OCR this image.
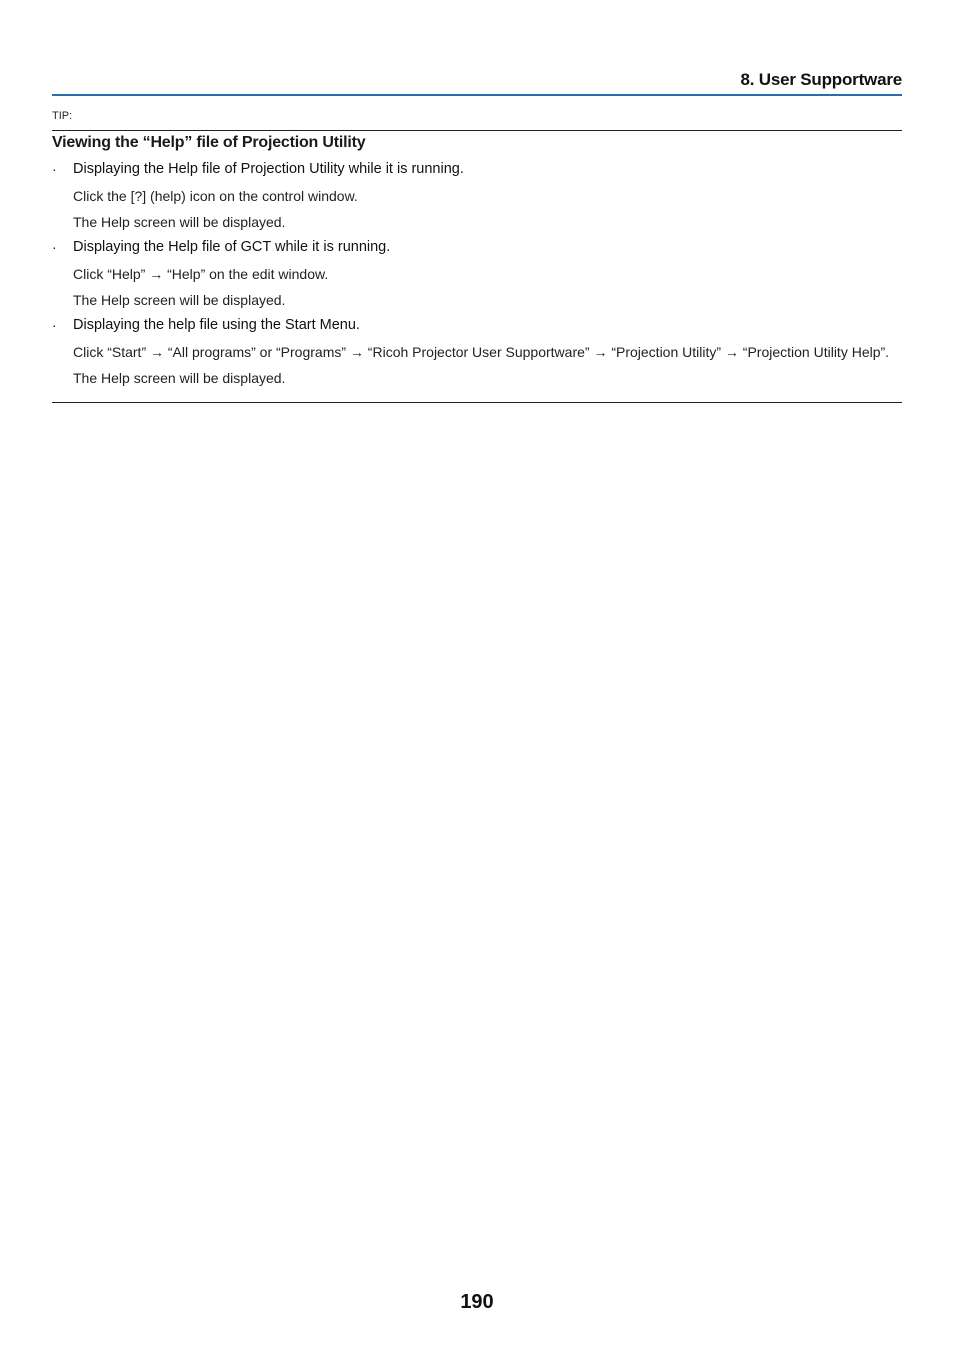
8. User Supportware
TIP:
Viewing the “Help” file of Projection Utility
· Displaying the Help file of Projection Utility while it is running.
Click the [?] (help) icon on the control window.
The Help screen will be displayed.
· Displaying the Help file of GCT while it is running.
Click “Help” → “Help” on the edit window.
The Help screen will be displayed.
· Displaying the help file using the Start Menu.
Click “Start” → “All programs” or “Programs” → “Ricoh Projector User Supportware” → “Projection Utility” → “Projection Utility Help”.
The Help screen will be displayed.
190
